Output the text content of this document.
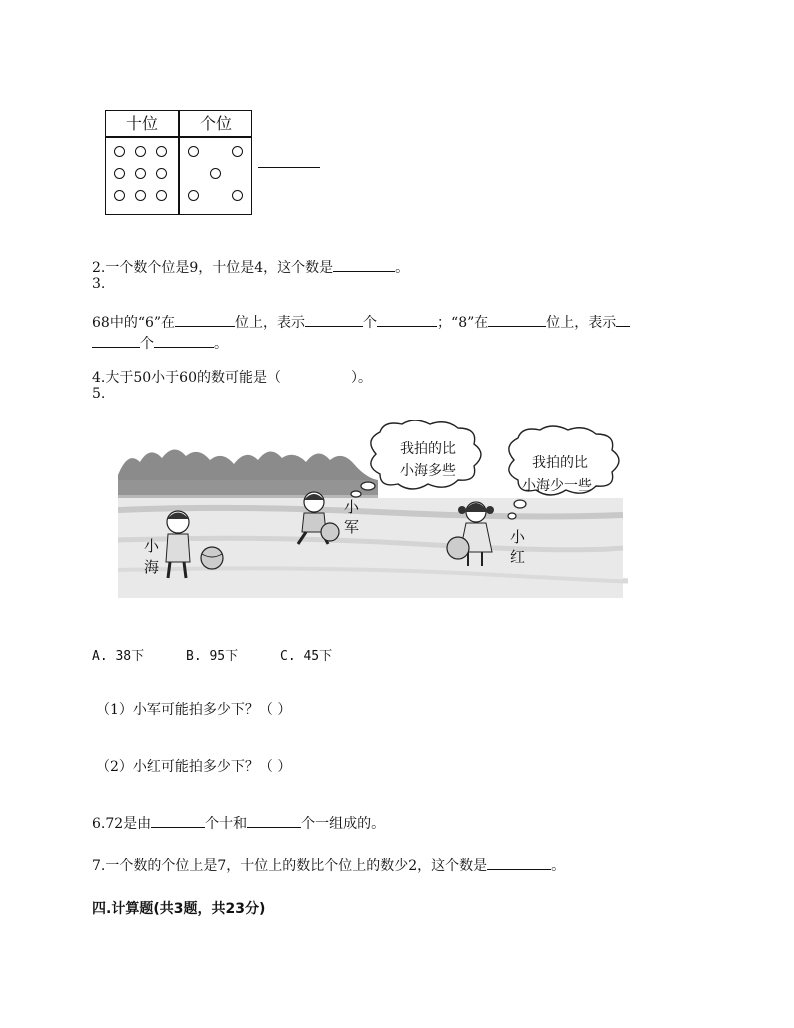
十位	个位
2.一个数个位是9，十位是4，这个数是	。
3.
68中的“6”在	位上，表示	个	；“8”在	位上，表示
个	。
4.大于50小于60的数可能是（	）。
5.
我拍的比
小海多些	我拍的比
小海少一些
小
海
小
军
小
红
A. 38下	B. 95下	C. 45下
（1）小军可能拍多少下？（ ）
（2）小红可能拍多少下？（ ）
6.72是由	个十和	个一组成的。
7.一个数的个位上是7，十位上的数比个位上的数少2，这个数是	。
四.计算题(共3题，共23分)
